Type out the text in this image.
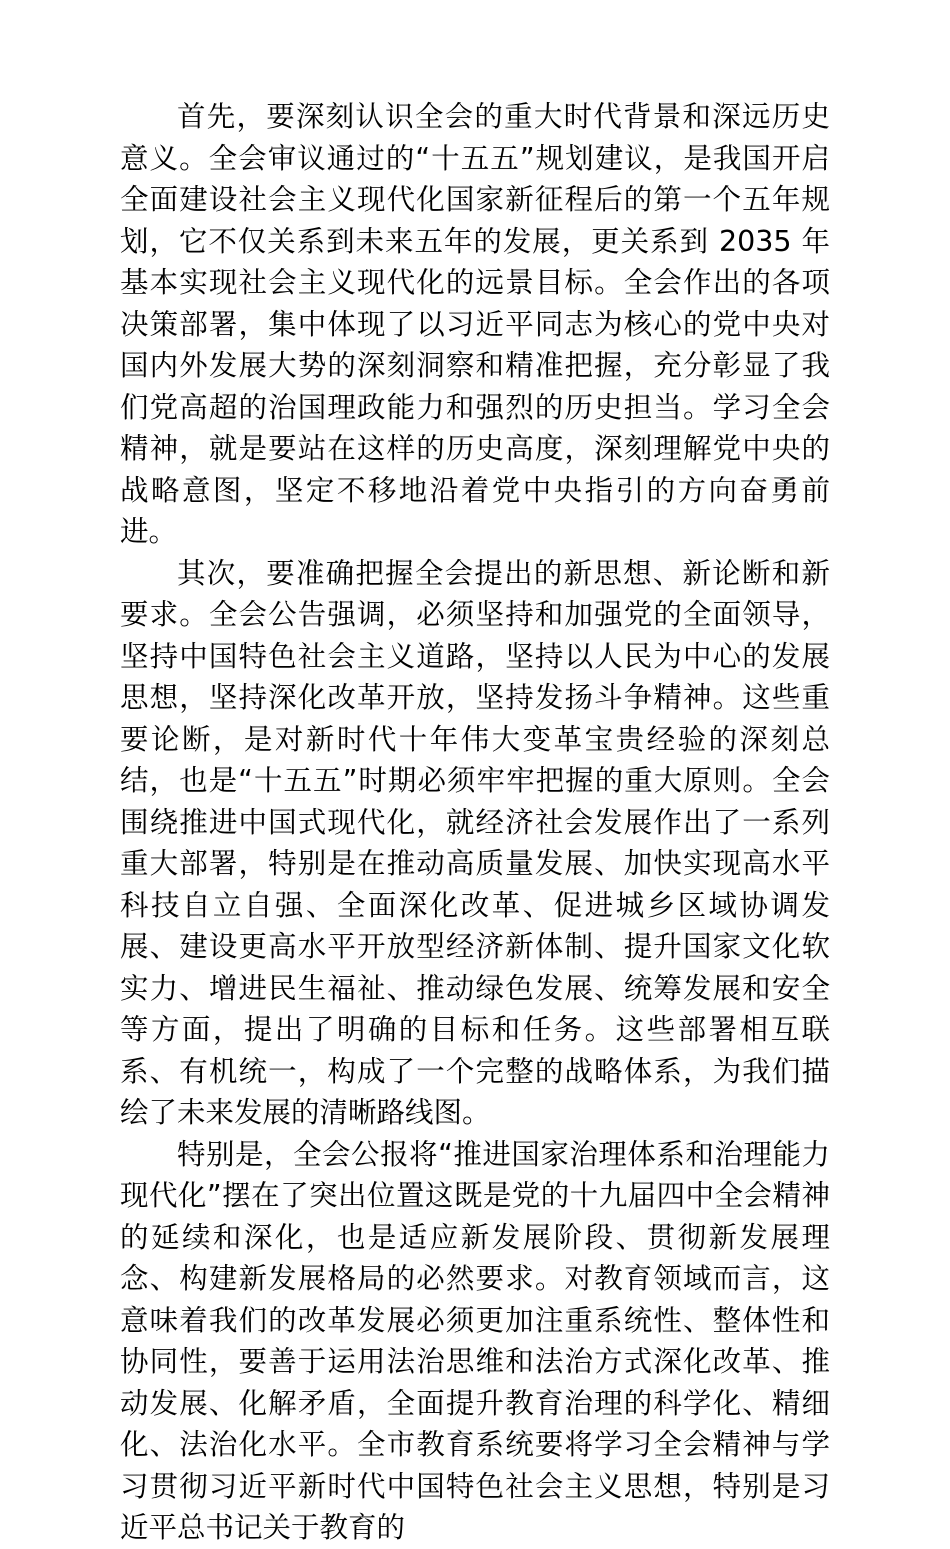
首先，要深刻认识全会的重大时代背景和深远历史意义。全会审议通过的“十五五”规划建议，是我国开启全面建设社会主义现代化国家新征程后的第一个五年规划，它不仅关系到未来五年的发展，更关系到 2035 年基本实现社会主义现代化的远景目标。全会作出的各项决策部署，集中体现了以习近平同志为核心的党中央对国内外发展大势的深刻洞察和精准把握，充分彰显了我们党高超的治国理政能力和强烈的历史担当。学习全会精神，就是要站在这样的历史高度，深刻理解党中央的战略意图，坚定不移地沿着党中央指引的方向奋勇前进。

其次，要准确把握全会提出的新思想、新论断和新要求。全会公告强调，必须坚持和加强党的全面领导，坚持中国特色社会主义道路，坚持以人民为中心的发展思想，坚持深化改革开放，坚持发扬斗争精神。这些重要论断，是对新时代十年伟大变革宝贵经验的深刻总结，也是“十五五”时期必须牢牢把握的重大原则。全会围绕推进中国式现代化，就经济社会发展作出了一系列重大部署，特别是在推动高质量发展、加快实现高水平科技自立自强、全面深化改革、促进城乡区域协调发展、建设更高水平开放型经济新体制、提升国家文化软实力、增进民生福祉、推动绿色发展、统筹发展和安全等方面，提出了明确的目标和任务。这些部署相互联系、有机统一，构成了一个完整的战略体系，为我们描绘了未来发展的清晰路线图。

特别是，全会公报将“推进国家治理体系和治理能力现代化”摆在了突出位置这既是党的十九届四中全会精神的延续和深化，也是适应新发展阶段、贯彻新发展理念、构建新发展格局的必然要求。对教育领域而言，这意味着我们的改革发展必须更加注重系统性、整体性和协同性，要善于运用法治思维和法治方式深化改革、推动发展、化解矛盾，全面提升教育治理的科学化、精细化、法治化水平。全市教育系统要将学习全会精神与学习贯彻习近平新时代中国特色社会主义思想，特别是习近平总书记关于教育的
